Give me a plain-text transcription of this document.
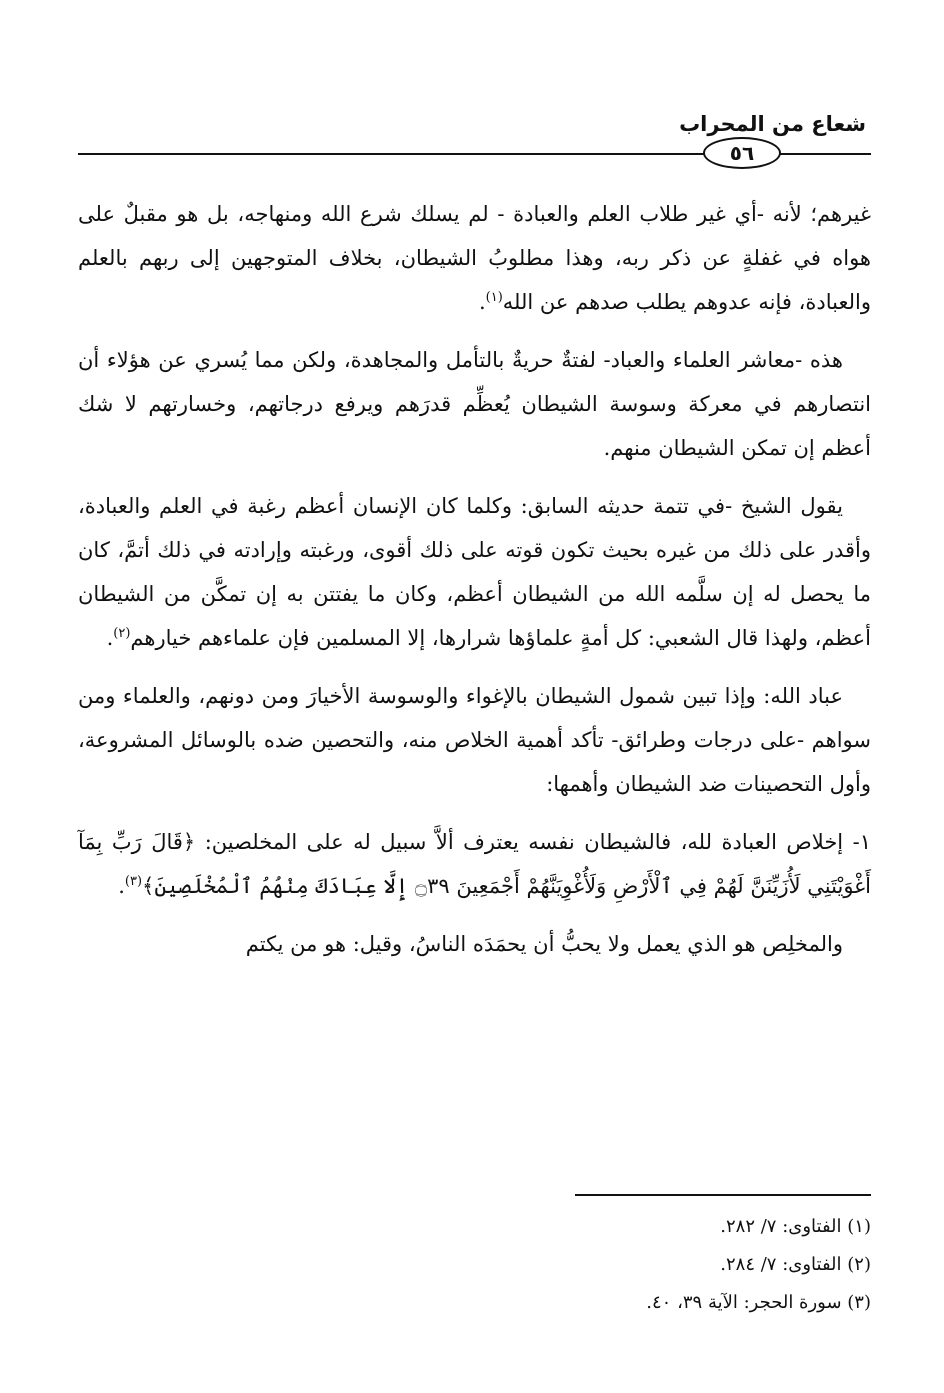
شعاع من المحراب
٥٦

غيرهم؛ لأنه -أي غير طلاب العلم والعبادة - لم يسلك شرع الله ومنهاجه، بل هو مقبلٌ على هواه في غفلةٍ عن ذكر ربه، وهذا مطلوبُ الشيطان، بخلاف المتوجهين إلى ربهم بالعلم والعبادة، فإنه عدوهم يطلب صدهم عن الله$^{(١)}$.

هذه -معاشر العلماء والعباد- لفتةٌ حريةٌ بالتأمل والمجاهدة، ولكن مما يُسري عن هؤلاء أن انتصارهم في معركة وسوسة الشيطان يُعظِّم قدرَهم ويرفع درجاتهم، وخسارتهم لا شك أعظم إن تمكن الشيطان منهم.

يقول الشيخ -في تتمة حديثه السابق: وكلما كان الإنسان أعظم رغبة في العلم والعبادة، وأقدر على ذلك من غيره بحيث تكون قوته على ذلك أقوى، ورغبته وإرادته في ذلك أتمَّ، كان ما يحصل له إن سلَّمه الله من الشيطان أعظم، وكان ما يفتتن به إن تمكَّن من الشيطان أعظم، ولهذا قال الشعبي: كل أمةٍ علماؤها شرارها، إلا المسلمين فإن علماءهم خيارهم$^{(٢)}$.

عباد الله: وإذا تبين شمول الشيطان بالإغواء والوسوسة الأخيارَ ومن دونهم، والعلماء ومن سواهم -على درجات وطرائق- تأكد أهمية الخلاص منه، والتحصين ضده بالوسائل المشروعة، وأول التحصينات ضد الشيطان وأهمها:

١- إخلاص العبادة لله، فالشيطان نفسه يعترف ألاَّ سبيل له على المخلصين: ﴿قَالَ رَبِّ بِمَآ أَغْوَيْتَنِي لَأُزَيِّنَنَّ لَهُمْ فِي ٱلْأَرْضِ وَلَأُغْوِيَنَّهُمْ أَجْمَعِينَ ۝٣٩ إِلَّا عِبَادَكَ مِنْهُمُ ٱلْمُخْلَصِينَ﴾$^{(٣)}$.

والمخلِص هو الذي يعمل ولا يحبُّ أن يحمَدَه الناسُ، وقيل: هو من يكتم

(١) الفتاوى: ٧/ ٢٨٢.
(٢) الفتاوى: ٧/ ٢٨٤.
(٣) سورة الحجر: الآية ٣٩، ٤٠.
